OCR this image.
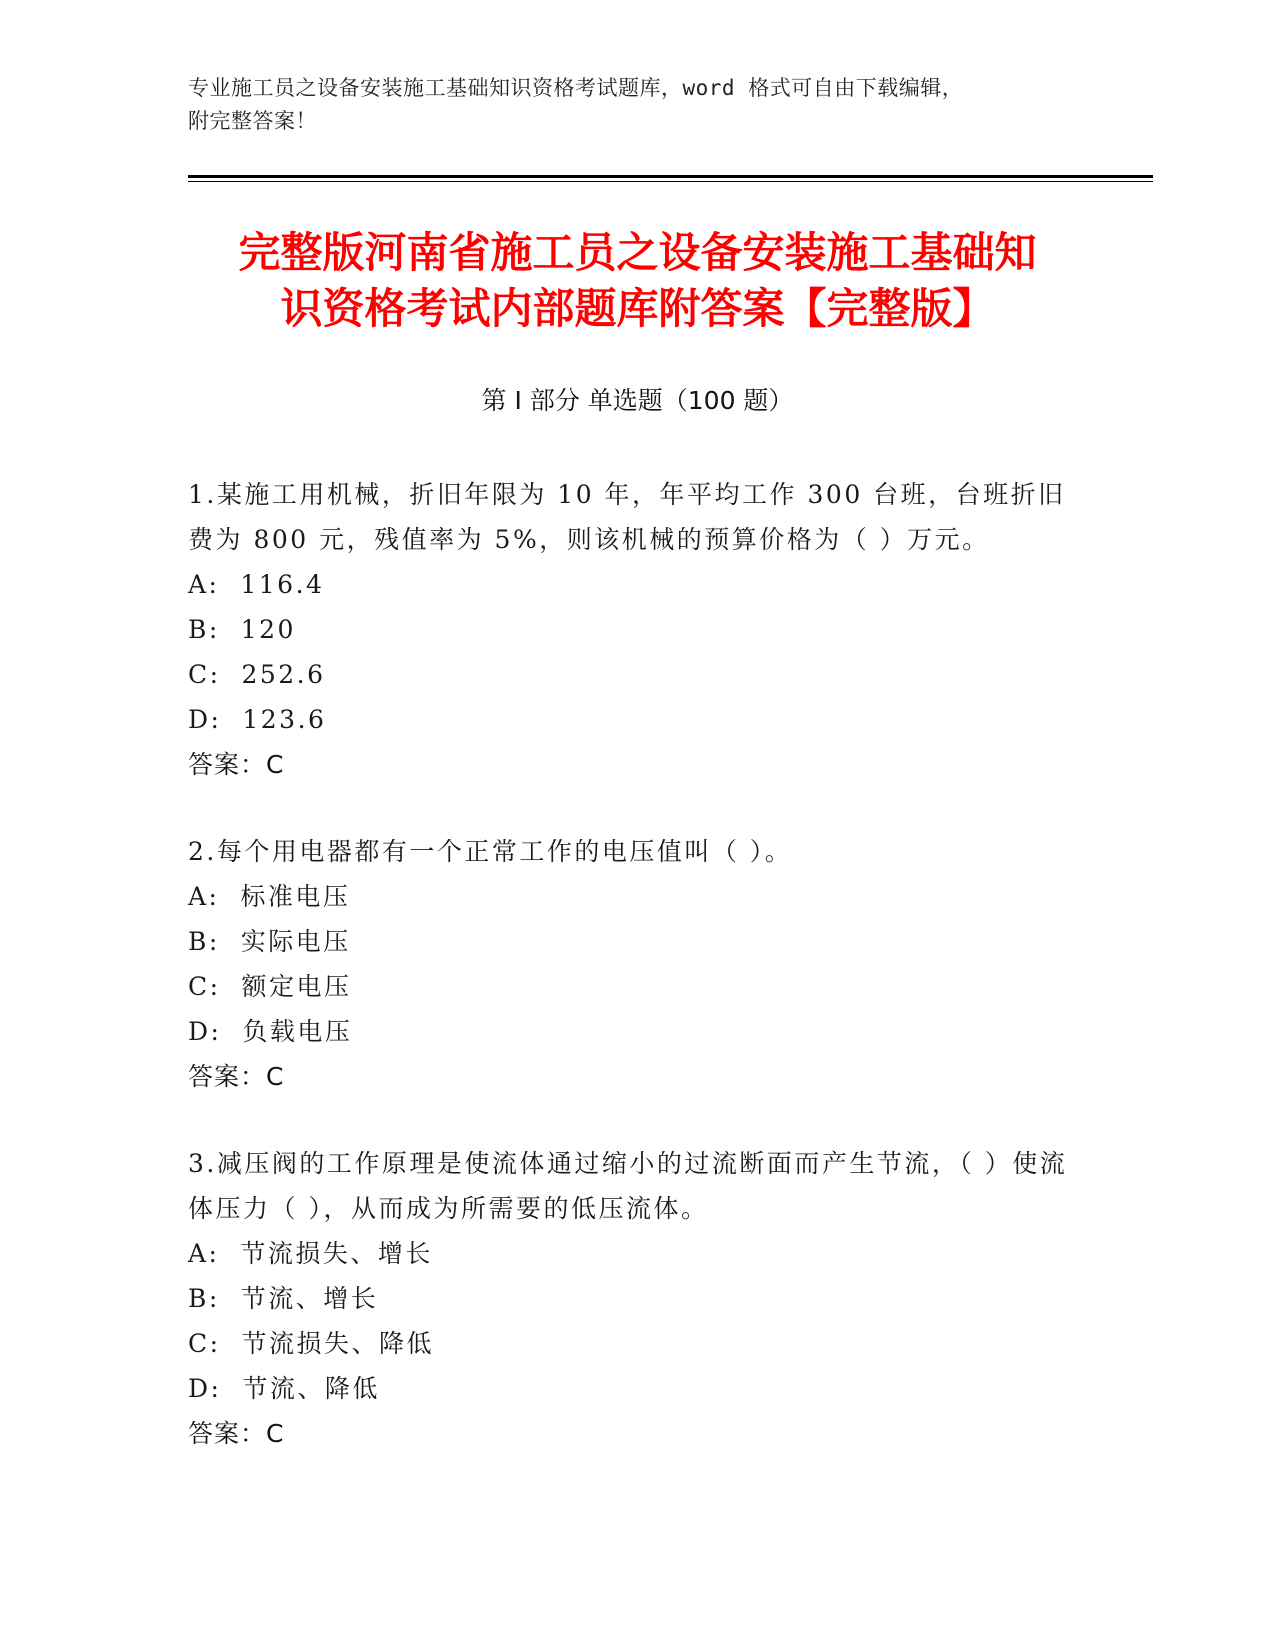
专业施工员之设备安装施工基础知识资格考试题库，word 格式可自由下载编辑，
附完整答案！
完整版河南省施工员之设备安装施工基础知
识资格考试内部题库附答案【完整版】
第 I 部分 单选题（100 题）

1.某施工用机械，折旧年限为 10 年，年平均工作 300 台班，台班折旧费为 800 元，残值率为 5%，则该机械的预算价格为（ ）万元。

A:  116.4

B:  120

C:  252.6

D:  123.6

答案：C

2.每个用电器都有一个正常工作的电压值叫（ ）。

A:  标准电压

B:  实际电压

C:  额定电压

D:  负载电压

答案：C

3.减压阀的工作原理是使流体通过缩小的过流断面而产生节流，（ ）使流体压力（ ），从而成为所需要的低压流体。

A:  节流损失、增长

B:  节流、增长

C:  节流损失、降低

D:  节流、降低

答案：C
